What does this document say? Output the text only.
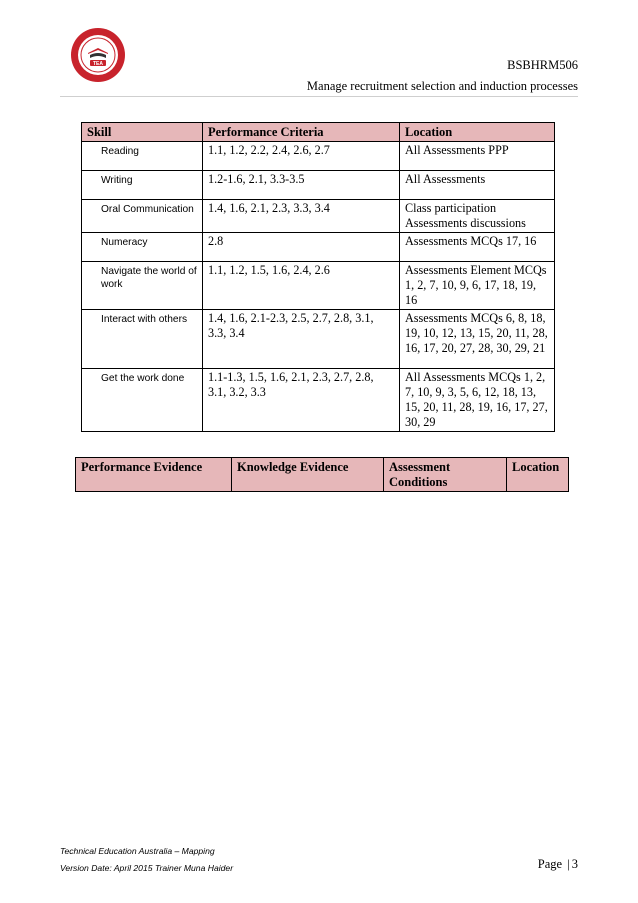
TEA	BSBHRM506
Manage recruitment selection and induction processes
Skill	Performance Criteria	Location
Reading	1.1, 1.2, 2.2, 2.4, 2.6, 2.7	All Assessments PPP
Writing	1.2-1.6, 2.1, 3.3-3.5	All Assessments
Oral Communication	1.4, 1.6, 2.1, 2.3, 3.3, 3.4	Class participation Assessments discussions
Numeracy	2.8	Assessments MCQs 17, 16
Navigate the world of work	1.1, 1.2, 1.5, 1.6, 2.4, 2.6	Assessments Element MCQs 1, 2, 7, 10, 9, 6, 17, 18, 19, 16
Interact with others	1.4, 1.6, 2.1-2.3, 2.5, 2.7, 2.8, 3.1, 3.3, 3.4	Assessments MCQs 6, 8, 18, 19, 10, 12, 13, 15, 20, 11, 28, 16, 17, 20, 27, 28, 30, 29, 21
Get the work done	1.1-1.3, 1.5, 1.6, 2.1, 2.3, 2.7, 2.8, 3.1, 3.2, 3.3	All Assessments MCQs 1, 2, 7, 10, 9, 3, 5, 6, 12, 18, 13, 15, 20, 11, 28, 19, 16, 17, 27, 30, 29
Performance Evidence	Knowledge Evidence	Assessment Conditions	Location
Technical Education Australia – Mapping
Version Date: April 2015 Trainer Muna Haider	Page | 3
